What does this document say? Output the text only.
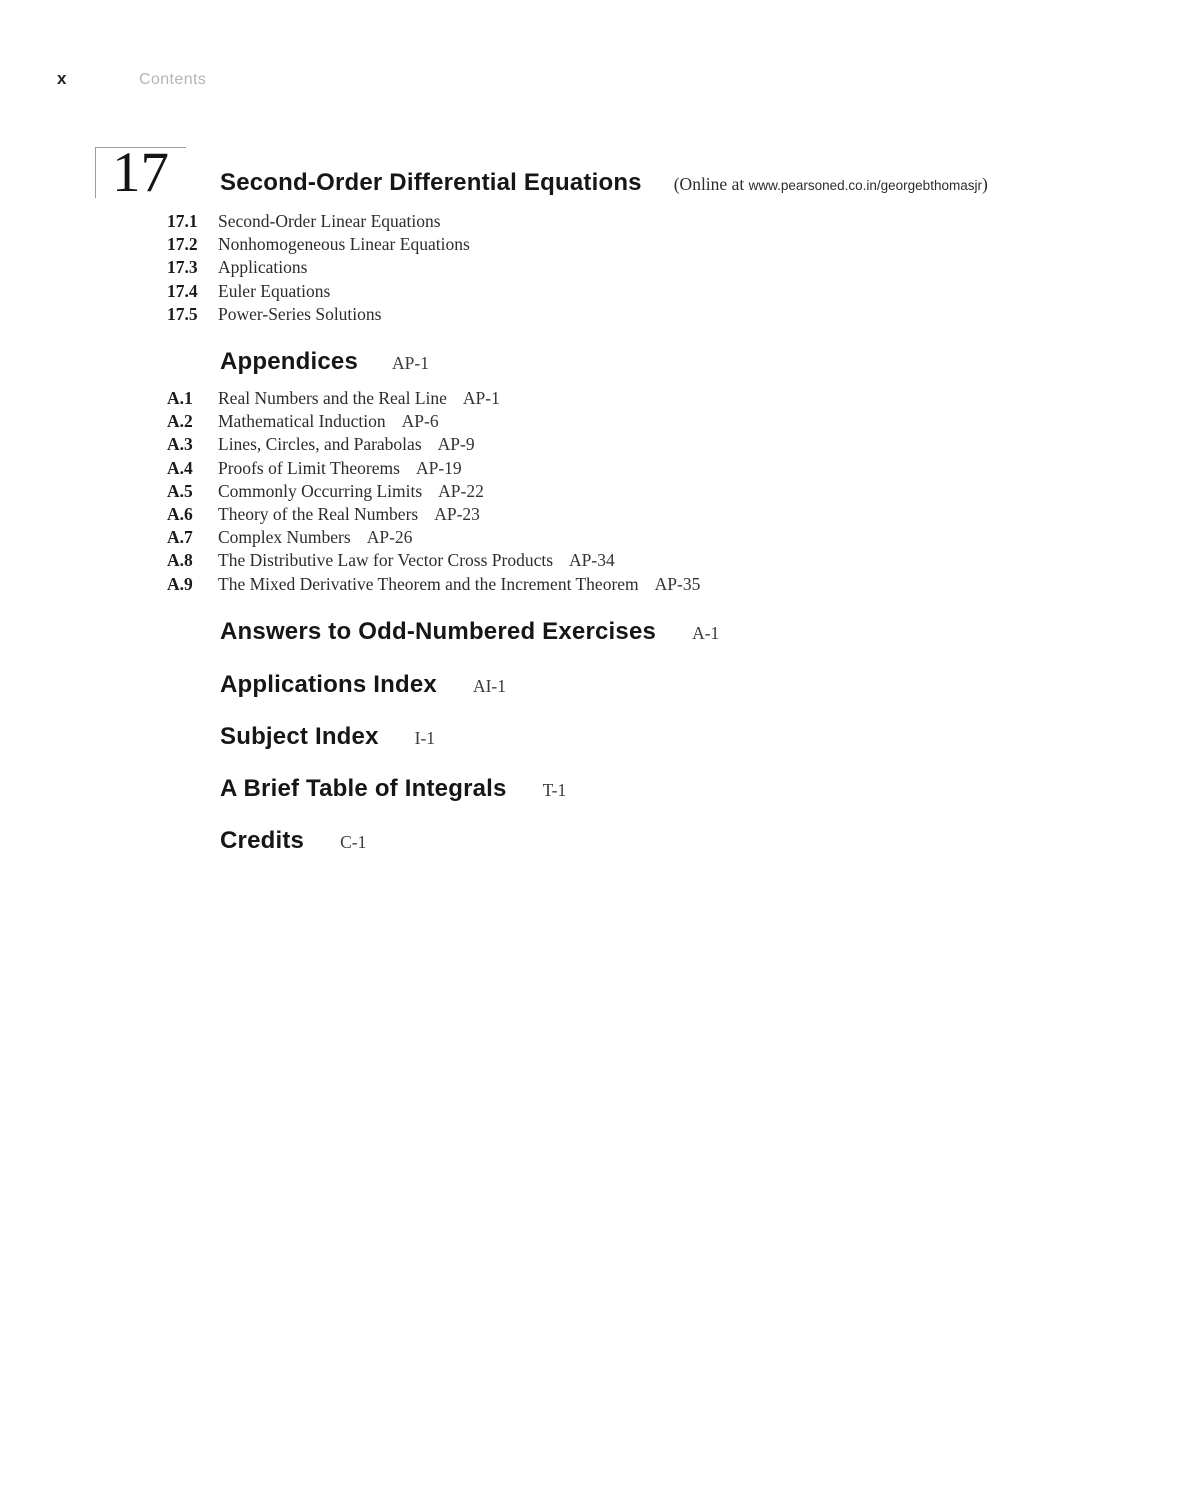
x	Contents
17 Second-Order Differential Equations (Online at www.pearsoned.co.in/georgebthomasjr)
17.1	Second-Order Linear Equations
17.2	Nonhomogeneous Linear Equations
17.3	Applications
17.4	Euler Equations
17.5	Power-Series Solutions
Appendices AP-1
A.1	Real Numbers and the Real Line AP-1
A.2	Mathematical Induction AP-6
A.3	Lines, Circles, and Parabolas AP-9
A.4	Proofs of Limit Theorems AP-19
A.5	Commonly Occurring Limits AP-22
A.6	Theory of the Real Numbers AP-23
A.7	Complex Numbers AP-26
A.8	The Distributive Law for Vector Cross Products AP-34
A.9	The Mixed Derivative Theorem and the Increment Theorem AP-35
Answers to Odd-Numbered Exercises A-1
Applications Index AI-1
Subject Index I-1
A Brief Table of Integrals T-1
Credits C-1
